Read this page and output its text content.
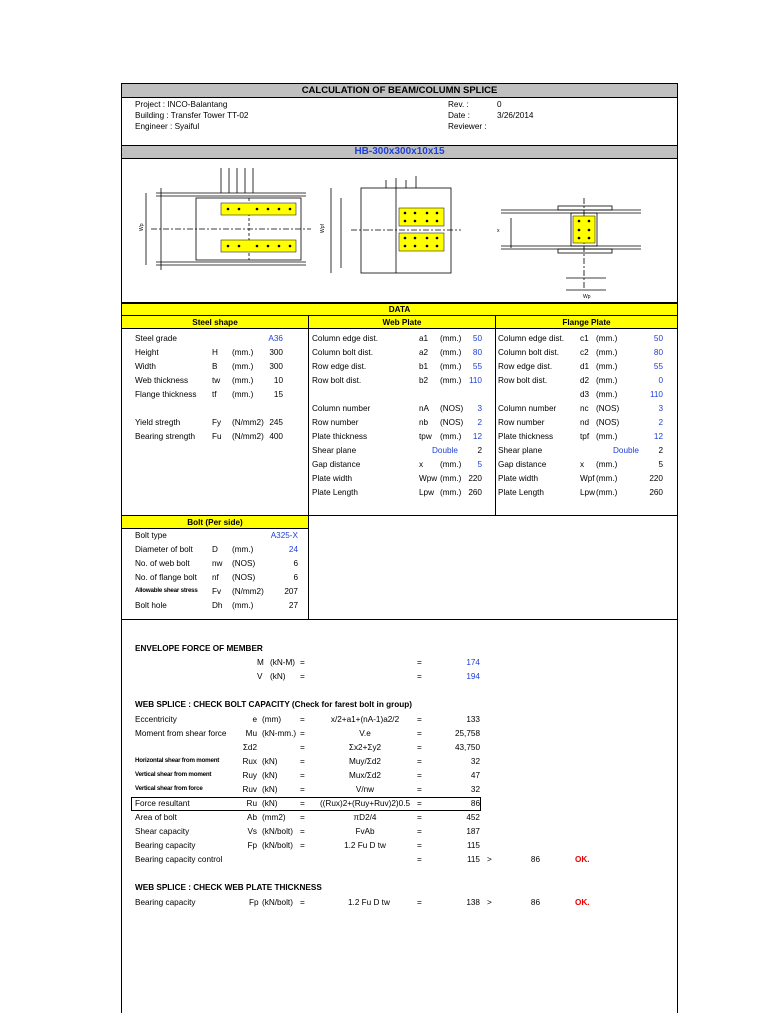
CALCULATION OF BEAM/COLUMN SPLICE
Project : INCO-Balantang
Building : Transfer Tower TT-02
Engineer : Syaiful
Rev. :	0
Date :	3/26/2014
Reviewer :
HB-300x300x10x15
Wp	Wpf	x
Wp
DATA
Steel shape	Web Plate	Flange Plate
Steel grade	A36
Height	H (mm.)	300
Width	B (mm.)	300
Web thickness	tw (mm.)	10
Flange thickness tf (mm.)	15
Yield stregth	Fy (N/mm2) 245
Bearing strength Fu (N/mm2) 400
Column edge dist.	a1 (mm.)	50
Column bolt dist.	a2 (mm.)	80
Row edge dist.	b1 (mm.)	55
Row bolt dist.	b2 (mm.) 110
Column number	nA (NOS)	3
Row number	nb (NOS)	2
Plate thickness	tpw (mm.)	12
Shear plane	Double	2
Gap distance	x (mm.)	5
Plate width	Wpw (mm.) 220
Plate Length	Lpw (mm.) 260
Column edge dist. c1 (mm.)	50
Column bolt dist.	c2 (mm.)	80
Row edge dist.	d1 (mm.)	55
Row bolt dist.	d2 (mm.)	0
d3 (mm.)	110
Column number	nc (NOS)	3
Row number	nd (NOS)	2
Plate thickness	tpf (mm.)	12
Shear plane	Double	2
Gap distance	x (mm.)	5
Plate width	Wpf (mm.)	220
Plate Length	Lpw (mm.)	260
Bolt (Per side)
Bolt type	A325-X
Diameter of bolt D (mm.)	24
No. of web bolt	nw (NOS)	6
No. of flange bolt nf (NOS)	6
Allowable shear stress Fv (N/mm2)	207
Bolt hole	Dh (mm.)	27
ENVELOPE FORCE OF MEMBER
M (kN-M) =	=	174
V (kN) =	=	194
WEB SPLICE : CHECK BOLT CAPACITY (Check for farest bolt in group)
Eccentricity	e (mm) =	x/2+a1+(nA-1)a2/2	=	133
Moment from shear force	Mu (kN-mm.) =	V.e	=	25,758
Σd2	=	Σx2+Σy2	=	43,750
Horizontal shear from moment	Rux (kN)	=	Muy/Σd2	=	32
Vertical shear from moment	Ruy (kN)	=	Mux/Σd2	=	47
Vertical shear from force	Ruv (kN)	=	V/nw	=	32
Force resultant	Ru (kN)	=	((Rux)2+(Ruy+Ruv)2)0.5 =	86
Area of bolt	Ab (mm2) =	πD2/4	=	452
Shear capacity	Vs (kN/bolt) =	FvAb	=	187
Bearing capacity	Fp (kN/bolt) =	1.2 Fu D tw	=	115
Bearing capacity control	=	115 >	86	OK.
WEB SPLICE : CHECK WEB PLATE THICKNESS
Bearing capacity	Fp (kN/bolt) =	1.2 Fu D tw	=	138 >	86	OK.
